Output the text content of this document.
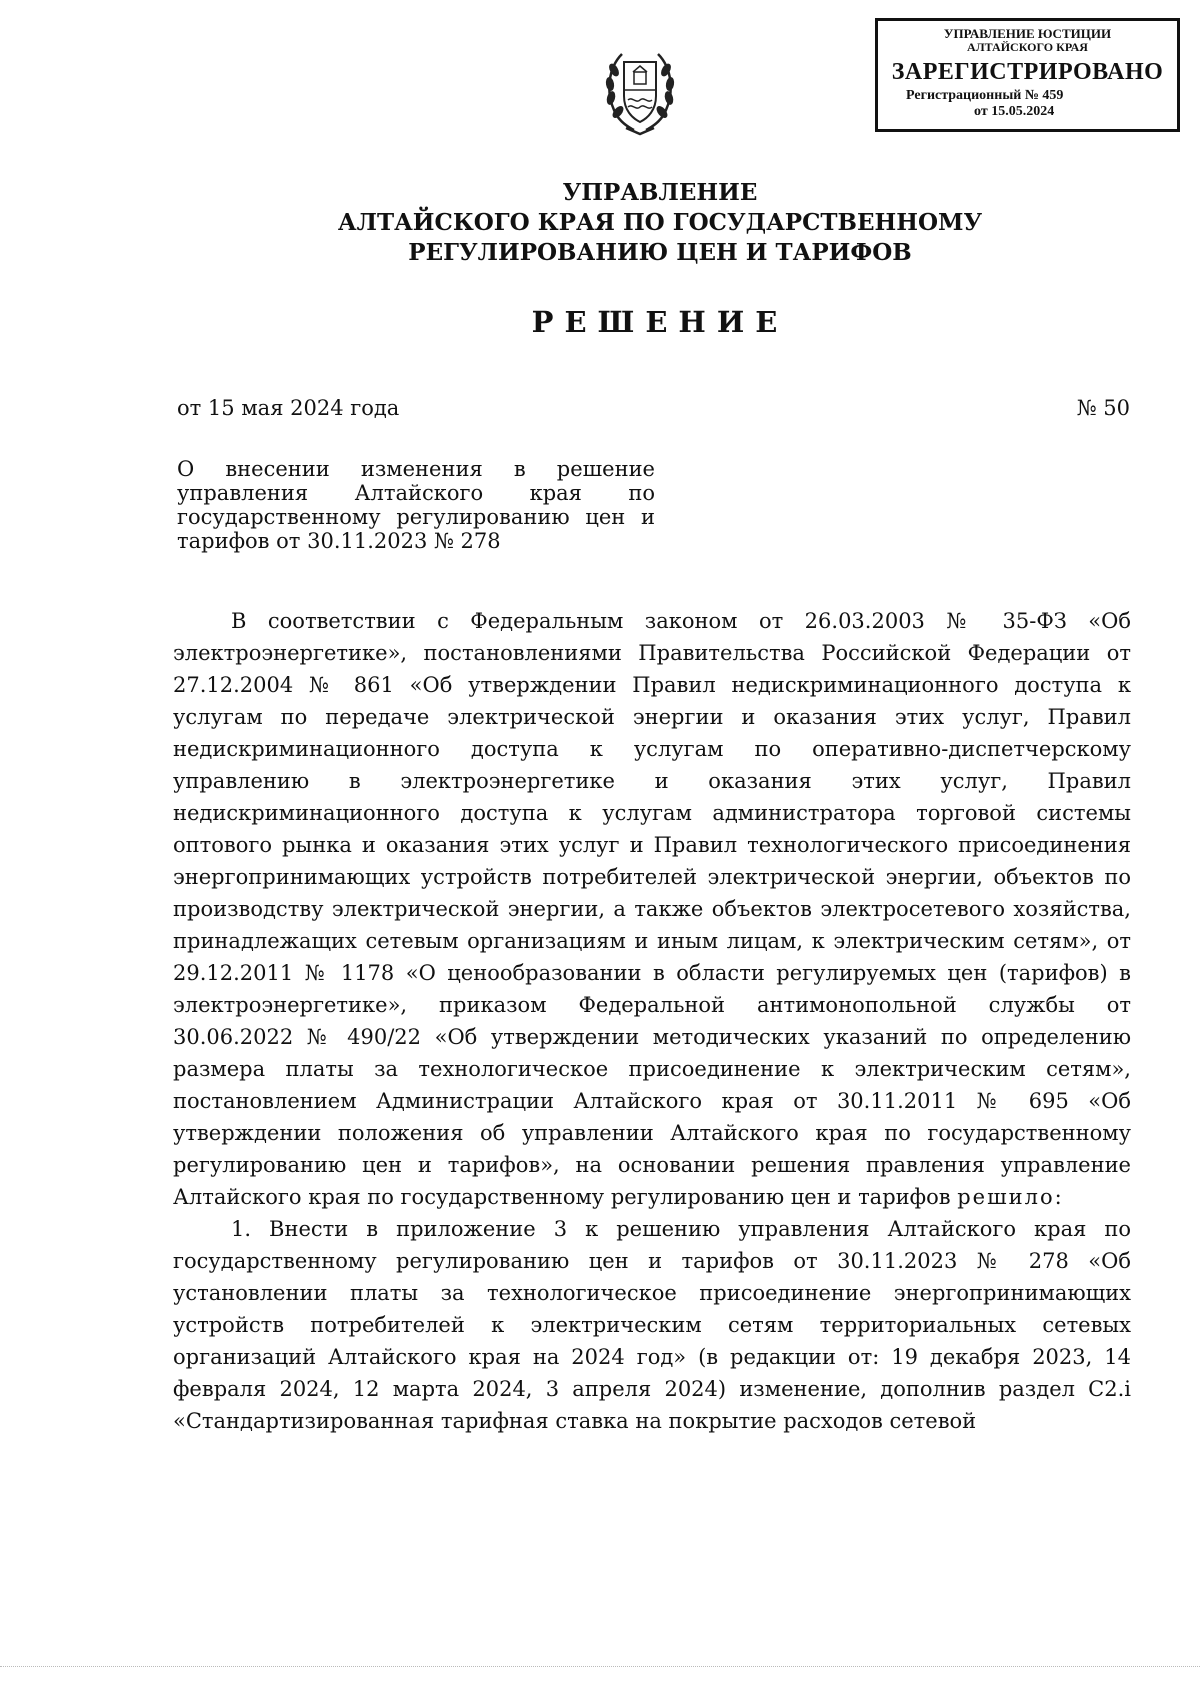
УПРАВЛЕНИЕ ЮСТИЦИИ
АЛТАЙСКОГО КРАЯ
ЗАРЕГИСТРИРОВАНО
Регистрационный № 459
от 15.05.2024
УПРАВЛЕНИЕ
АЛТАЙСКОГО КРАЯ ПО ГОСУДАРСТВЕННОМУ
РЕГУЛИРОВАНИЮ ЦЕН И ТАРИФОВ
РЕШЕНИЕ
от 15 мая 2024 года	№ 50
О внесении изменения в решение управления Алтайского края по государственному регулированию цен и тарифов от 30.11.2023 № 278

В соответствии с Федеральным законом от 26.03.2003 № 35-ФЗ «Об электроэнергетике», постановлениями Правительства Российской Федерации от 27.12.2004 № 861 «Об утверждении Правил недискриминационного доступа к услугам по передаче электрической энергии и оказания этих услуг, Правил недискриминационного доступа к услугам по оперативно-диспетчерскому управлению в электроэнергетике и оказания этих услуг, Правил недискриминационного доступа к услугам администратора торговой системы оптового рынка и оказания этих услуг и Правил технологического присоединения энергопринимающих устройств потребителей электрической энергии, объектов по производству электрической энергии, а также объектов электросетевого хозяйства, принадлежащих сетевым организациям и иным лицам, к электрическим сетям», от 29.12.2011 № 1178 «О ценообразовании в области регулируемых цен (тарифов) в электроэнергетике», приказом Федеральной антимонопольной службы от 30.06.2022 № 490/22 «Об утверждении методических указаний по определению размера платы за технологическое присоединение к электрическим сетям», постановлением Администрации Алтайского края от 30.11.2011 № 695 «Об утверждении положения об управлении Алтайского края по государственному регулированию цен и тарифов», на основании решения правления управление Алтайского края по государственному регулированию цен и тарифов решило:

1. Внести в приложение 3 к решению управления Алтайского края по государственному регулированию цен и тарифов от 30.11.2023 № 278 «Об установлении платы за технологическое присоединение энергопринимающих устройств потребителей к электрическим сетям территориальных сетевых организаций Алтайского края на 2024 год» (в редакции от: 19 декабря 2023, 14 февраля 2024, 12 марта 2024, 3 апреля 2024) изменение, дополнив раздел С2.i «Стандартизированная тарифная ставка на покрытие расходов сетевой
